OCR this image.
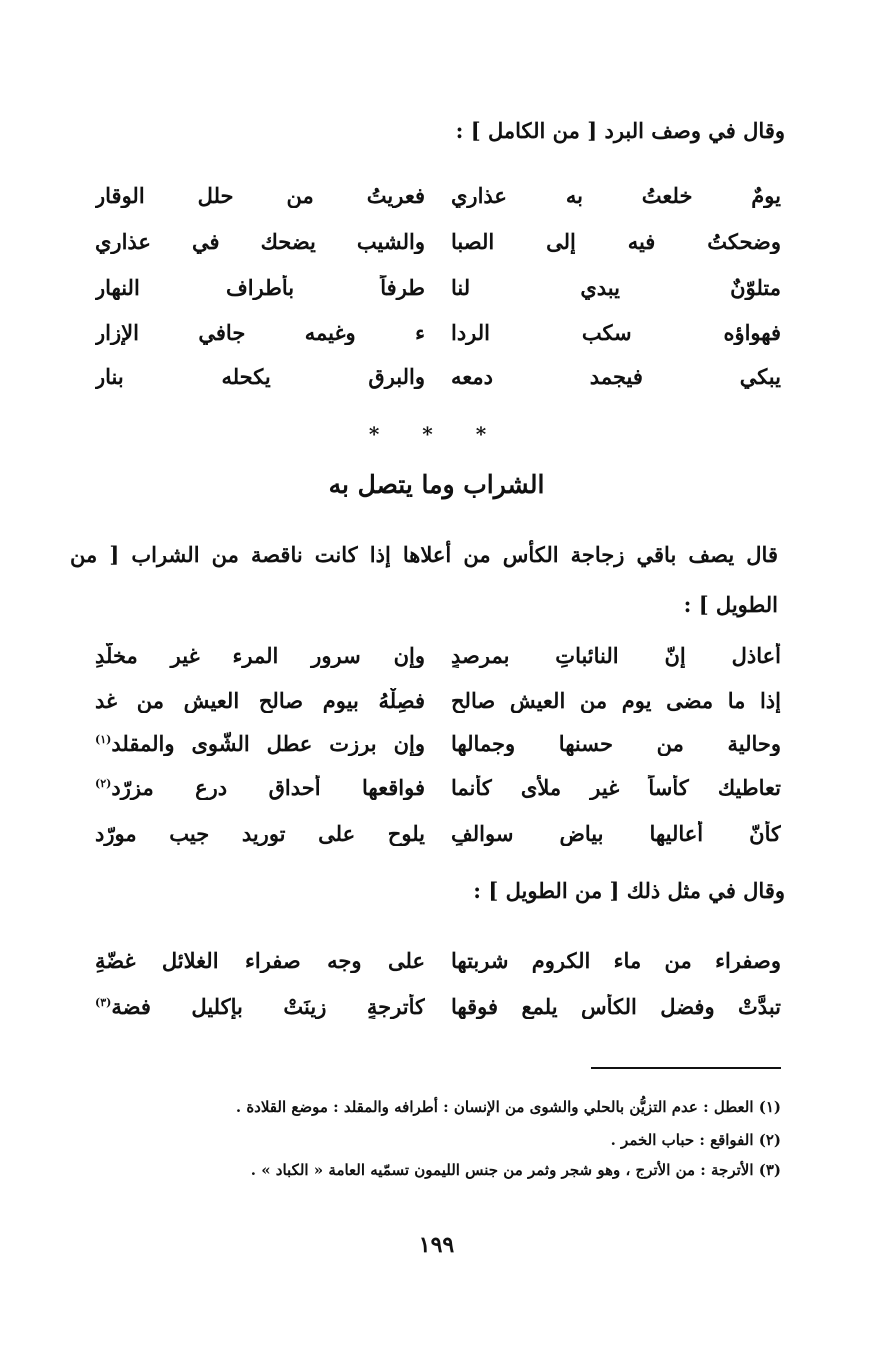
وقال في وصف البرد [ من الكامل ] :
يومٌ خلعتُ به عذاري
فعريتُ من حلل الوقارِ
وضحكتُ فيه إلى الصبا
والشيب يضحك في عذاري
متلوّنٌ يبدي لنا
طرفاً بأطراف النهار
فهواؤه سكب الردا
ء وغيمه جافي الإزار
يبكي فيجمد دمعه
والبرق يكحله بنار
* * *
الشراب وما يتصل به
قال يصف باقي زجاجة الكأس من أعلاها إذا كانت ناقصة من الشراب [ من الطويل ] :
أعاذل إنّ النائباتِ بمرصدٍ
وإن سرور المرء غير مخلّدِ
إذا ما مضى يوم من العيش صالح
فصِلْهُ بيومٍ صالح العيش من غد
وحالية من حسنها وجمالها
وإن برزت عطل الشّوى والمقلد$^{(١)}$
تعاطيك كأساً غير ملأى كأنما
فواقعها أحداق درعٍ مزرّد$^{(٢)}$
كأنّ أعاليها بياض سوالفٍ
يلوح على توريد جيب مورّد
وقال في مثل ذلك [ من الطويل ] :
وصفراء من ماء الكروم شربتها
على وجه صفراء الغلائل غضّةِ
تبدَّتْ وفضل الكأس يلمع فوقها
كأترجةٍ زينَتْ بإكليل فضة$^{(٣)}$
(١) العطل : عدم التزيُّن بالحلي والشوى من الإنسان : أطرافه والمقلد : موضع القلادة .
(٢) الفواقع : حباب الخمر .
(٣) الأترجة : من الأترج ، وهو شجر وثمر من جنس الليمون تسمّيه العامة « الكباد » .
١٩٩
